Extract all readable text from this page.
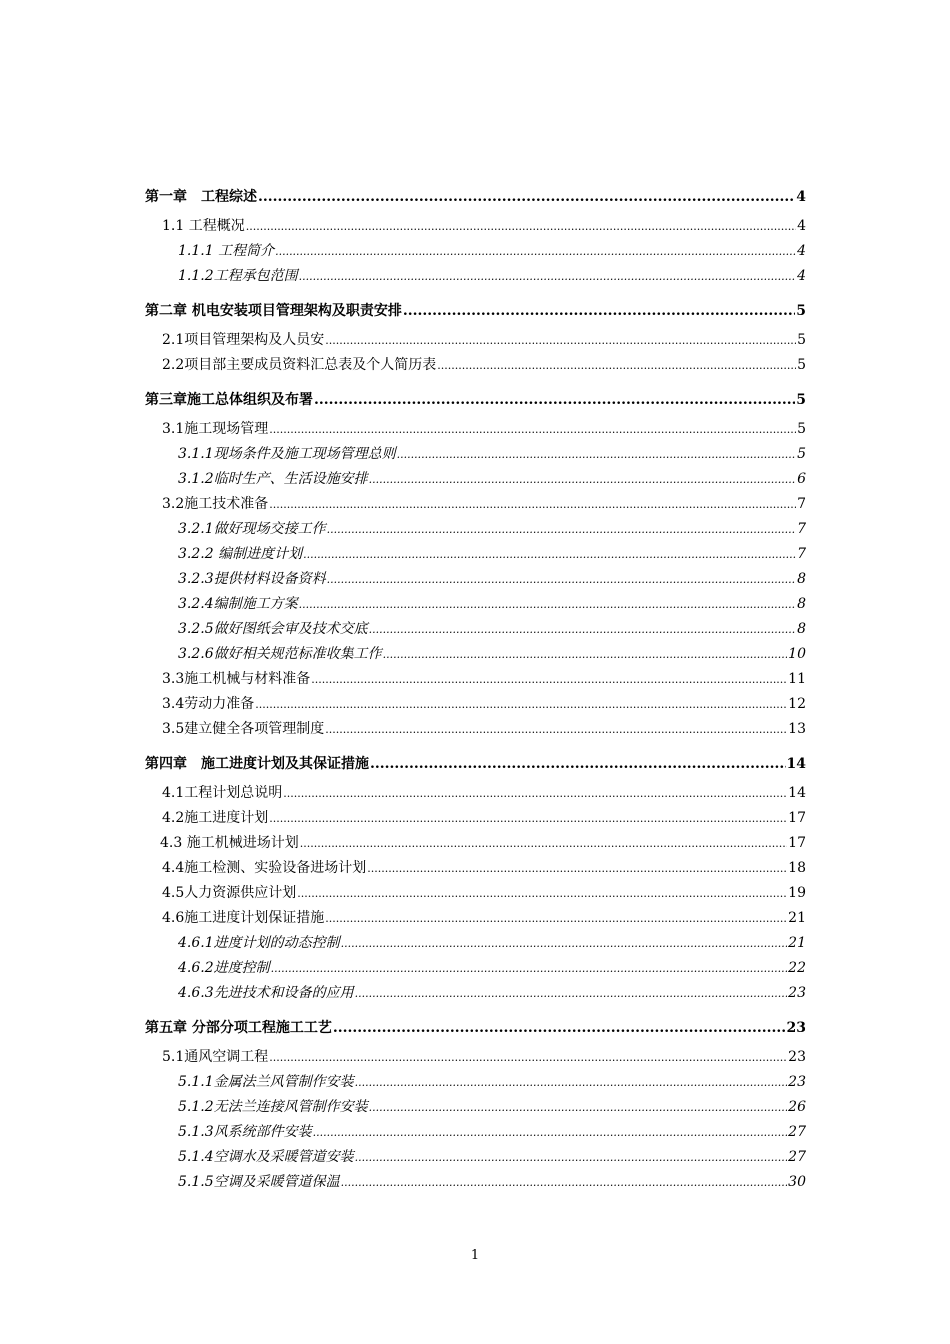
第一章　工程综述 .....	4
1.1 工程概况 .....	4
1.1.1 工程简介 .....	4
1.1.2工程承包范围 .....	4
第二章 机电安装项目管理架构及职责安排 .....	5
2.1项目管理架构及人员安 .....	5
2.2项目部主要成员资料汇总表及个人简历表 .....	5
第三章施工总体组织及布署 .....	5
3.1施工现场管理 .....	5
3.1.1现场条件及施工现场管理总则 .....	5
3.1.2临时生产、生活设施安排 .....	6
3.2施工技术准备 .....	7
3.2.1做好现场交接工作 .....	7
3.2.2 编制进度计划 .....	7
3.2.3提供材料设备资料 .....	8
3.2.4编制施工方案 .....	8
3.2.5做好图纸会审及技术交底 .....	8
3.2.6做好相关规范标准收集工作 .....	10
3.3施工机械与材料准备 .....	11
3.4劳动力准备 .....	12
3.5建立健全各项管理制度 .....	13
第四章　施工进度计划及其保证措施 .....	14
4.1工程计划总说明 .....	14
4.2施工进度计划 .....	17
4.3 施工机械进场计划 .....	17
4.4施工检测、实验设备进场计划 .....	18
4.5人力资源供应计划 .....	19
4.6施工进度计划保证措施 .....	21
4.6.1进度计划的动态控制 .....	21
4.6.2进度控制 .....	22
4.6.3先进技术和设备的应用 .....	23
第五章 分部分项工程施工工艺 .....	23
5.1通风空调工程 .....	23
5.1.1金属法兰风管制作安装 .....	23
5.1.2无法兰连接风管制作安装 .....	26
5.1.3风系统部件安装 .....	27
5.1.4空调水及采暖管道安装 .....	27
5.1.5空调及采暖管道保温 .....	30
1
